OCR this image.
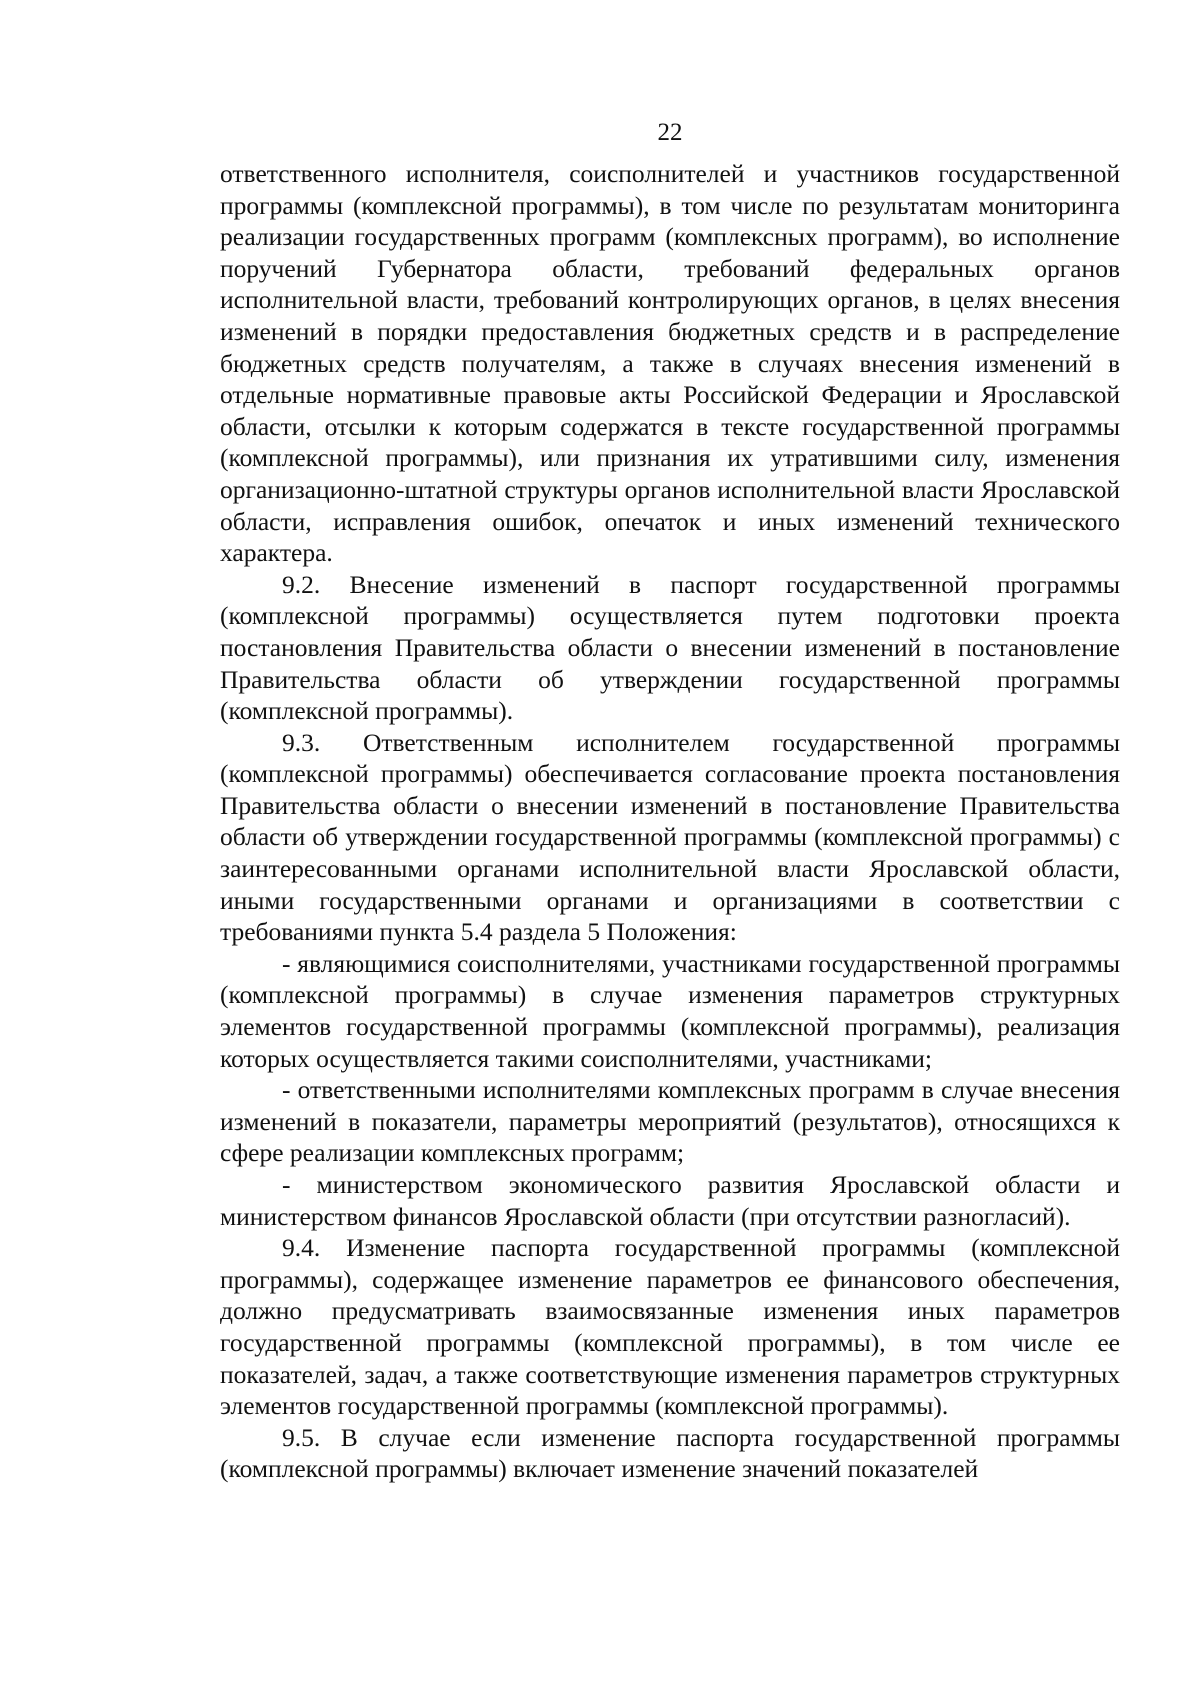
22

ответственного исполнителя, соисполнителей и участников государственной программы (комплексной программы), в том числе по результатам мониторинга реализации государственных программ (комплексных программ), во исполнение поручений Губернатора области, требований федеральных органов исполнительной власти, требований контролирующих органов, в целях внесения изменений в порядки предоставления бюджетных средств и в распределение бюджетных средств получателям, а также в случаях внесения изменений в отдельные нормативные правовые акты Российской Федерации и Ярославской области, отсылки к которым содержатся в тексте государственной программы (комплексной программы), или признания их утратившими силу, изменения организационно-штатной структуры органов исполнительной власти Ярославской области, исправления ошибок, опечаток и иных изменений технического характера.

9.2. Внесение изменений в паспорт государственной программы (комплексной программы) осуществляется путем подготовки проекта постановления Правительства области о внесении изменений в постановление Правительства области об утверждении государственной программы (комплексной программы).

9.3. Ответственным исполнителем государственной программы (комплексной программы) обеспечивается согласование проекта постановления Правительства области о внесении изменений в постановление Правительства области об утверждении государственной программы (комплексной программы) с заинтересованными органами исполнительной власти Ярославской области, иными государственными органами и организациями в соответствии с требованиями пункта 5.4 раздела 5 Положения:

- являющимися соисполнителями, участниками государственной программы (комплексной программы) в случае изменения параметров структурных элементов государственной программы (комплексной программы), реализация которых осуществляется такими соисполнителями, участниками;

- ответственными исполнителями комплексных программ в случае внесения изменений в показатели, параметры мероприятий (результатов), относящихся к сфере реализации комплексных программ;

- министерством экономического развития Ярославской области и министерством финансов Ярославской области (при отсутствии разногласий).

9.4. Изменение паспорта государственной программы (комплексной программы), содержащее изменение параметров ее финансового обеспечения, должно предусматривать взаимосвязанные изменения иных параметров государственной программы (комплексной программы), в том числе ее показателей, задач, а также соответствующие изменения параметров структурных элементов государственной программы (комплексной программы).

9.5. В случае если изменение паспорта государственной программы (комплексной программы) включает изменение значений показателей
